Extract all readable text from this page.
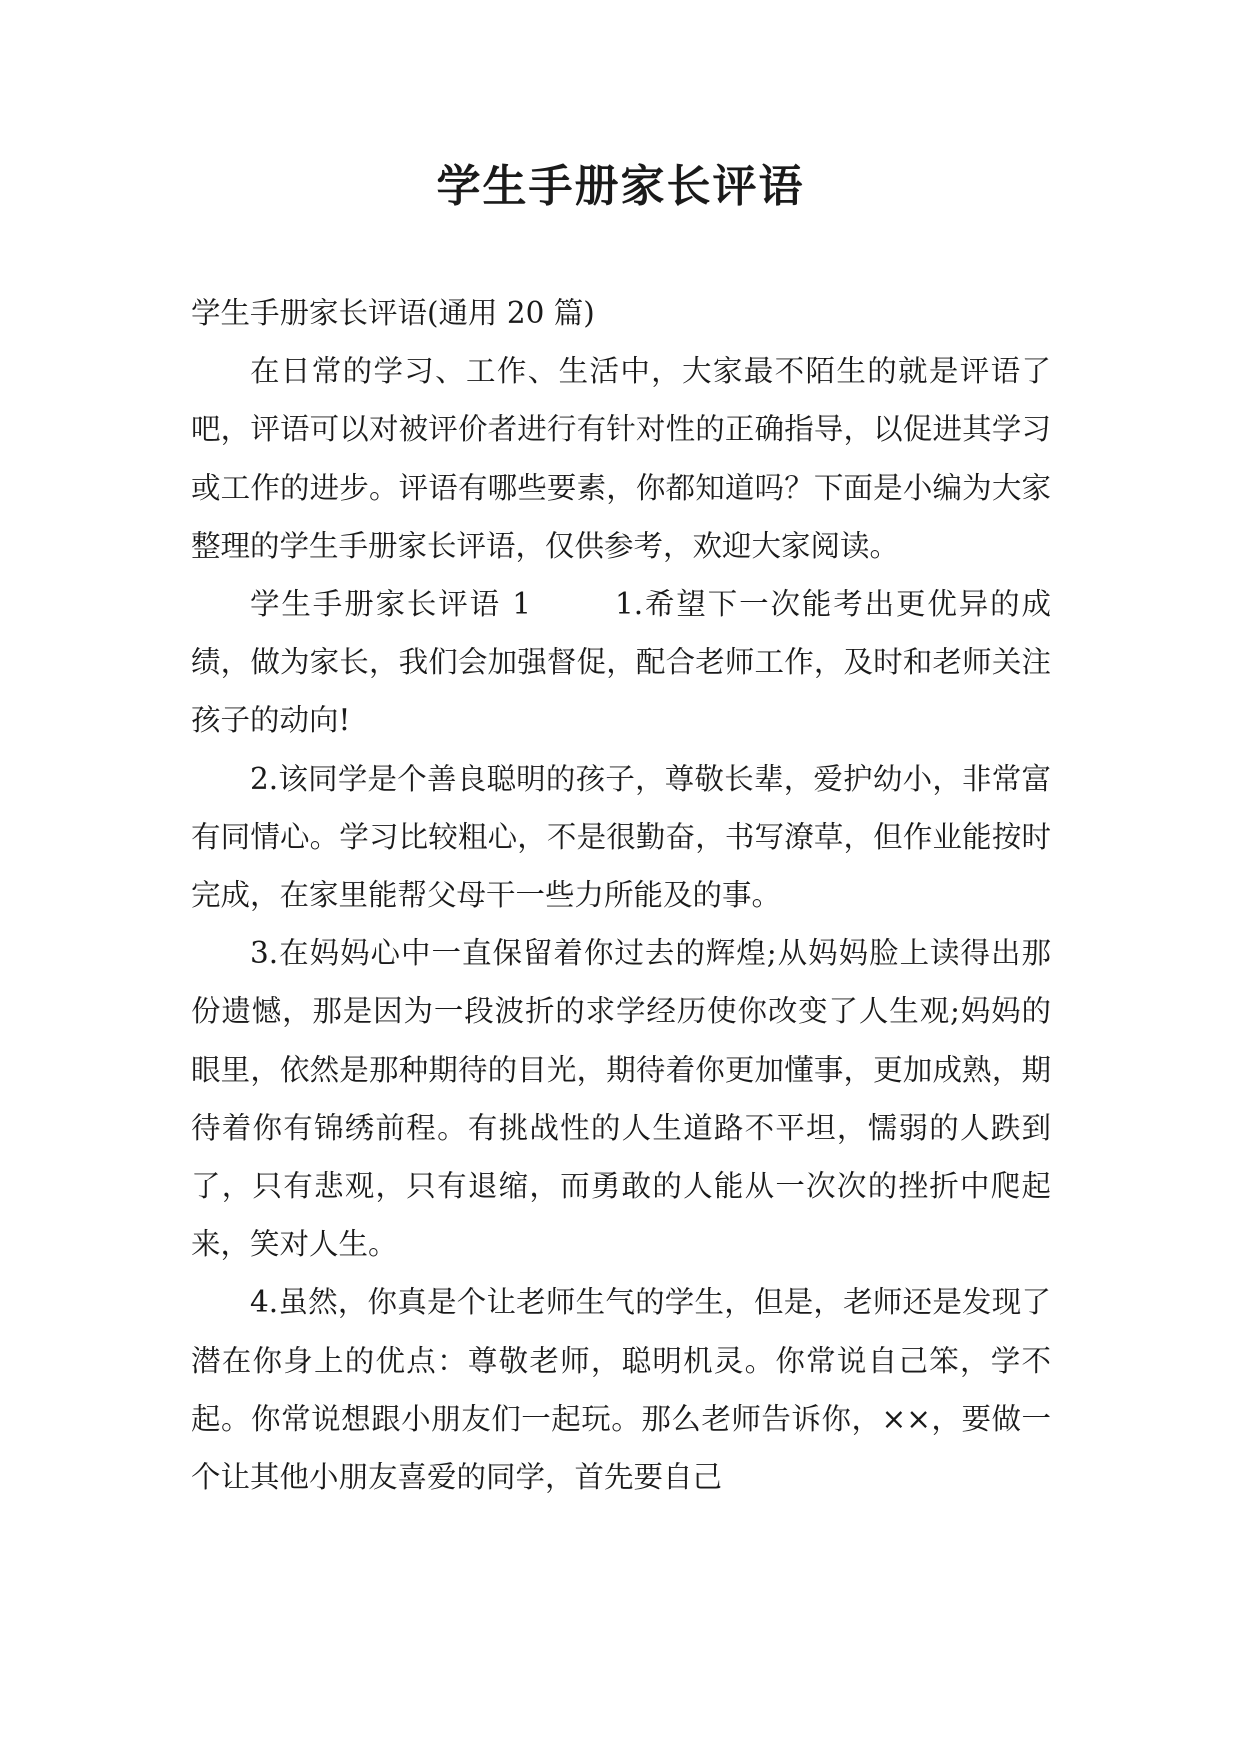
学生手册家长评语

学生手册家长评语(通用 20 篇)

在日常的学习、工作、生活中，大家最不陌生的就是评语了吧，评语可以对被评价者进行有针对性的正确指导，以促进其学习或工作的进步。评语有哪些要素，你都知道吗？下面是小编为大家整理的学生手册家长评语，仅供参考，欢迎大家阅读。

学生手册家长评语 1	1.希望下一次能考出更优异的成绩，做为家长，我们会加强督促，配合老师工作，及时和老师关注孩子的动向!

2.该同学是个善良聪明的孩子，尊敬长辈，爱护幼小，非常富有同情心。学习比较粗心，不是很勤奋，书写潦草，但作业能按时完成，在家里能帮父母干一些力所能及的事。

3.在妈妈心中一直保留着你过去的辉煌;从妈妈脸上读得出那份遗憾，那是因为一段波折的求学经历使你改变了人生观;妈妈的眼里，依然是那种期待的目光，期待着你更加懂事，更加成熟，期待着你有锦绣前程。有挑战性的人生道路不平坦，懦弱的人跌到了，只有悲观，只有退缩，而勇敢的人能从一次次的挫折中爬起来，笑对人生。

4.虽然，你真是个让老师生气的学生，但是，老师还是发现了潜在你身上的优点：尊敬老师，聪明机灵。你常说自己笨，学不起。你常说想跟小朋友们一起玩。那么老师告诉你，××，要做一个让其他小朋友喜爱的同学，首先要自己
